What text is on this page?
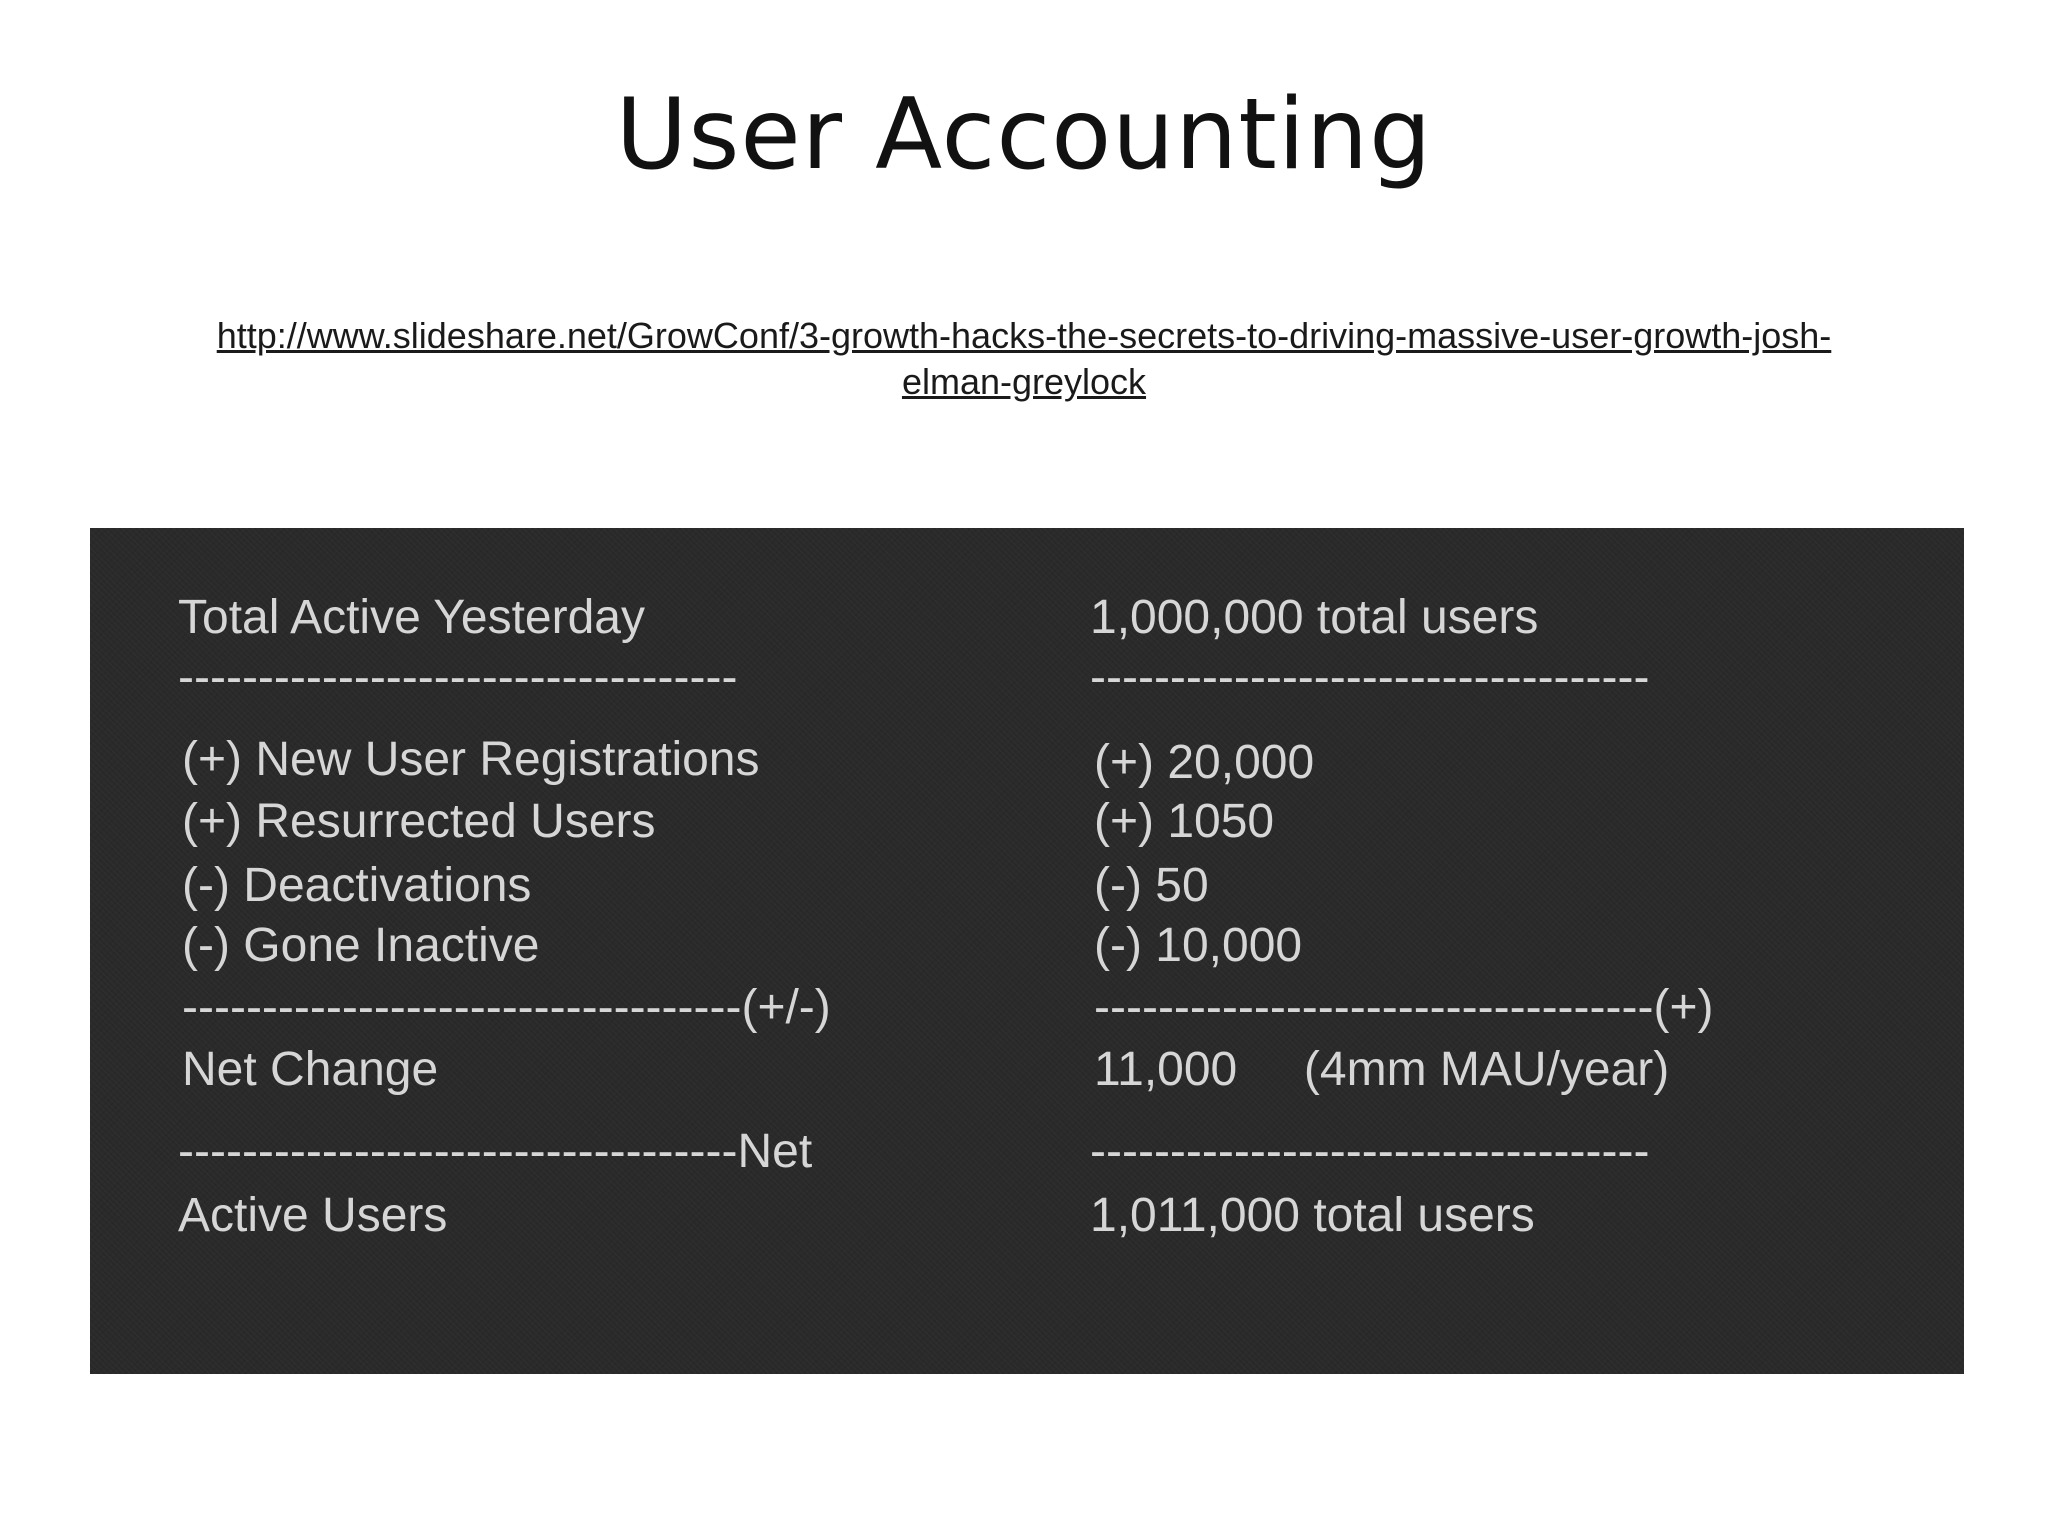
User Accounting
http://www.slideshare.net/GrowConf/3-growth-hacks-the-secrets-to-driving-massive-user-growth-josh-elman-greylock
Total Active Yesterday	1,000,000 total users
-----------------------------------	-----------------------------------
(+) New User Registrations	(+) 20,000
(+) Resurrected Users	(+) 1050
(-) Deactivations	(-) 50
(-) Gone Inactive	(-) 10,000
-----------------------------------(+/-)	-----------------------------------(+)
Net Change	11,000     (4mm MAU/year)
-----------------------------------Net	-----------------------------------
Active Users	1,011,000 total users
